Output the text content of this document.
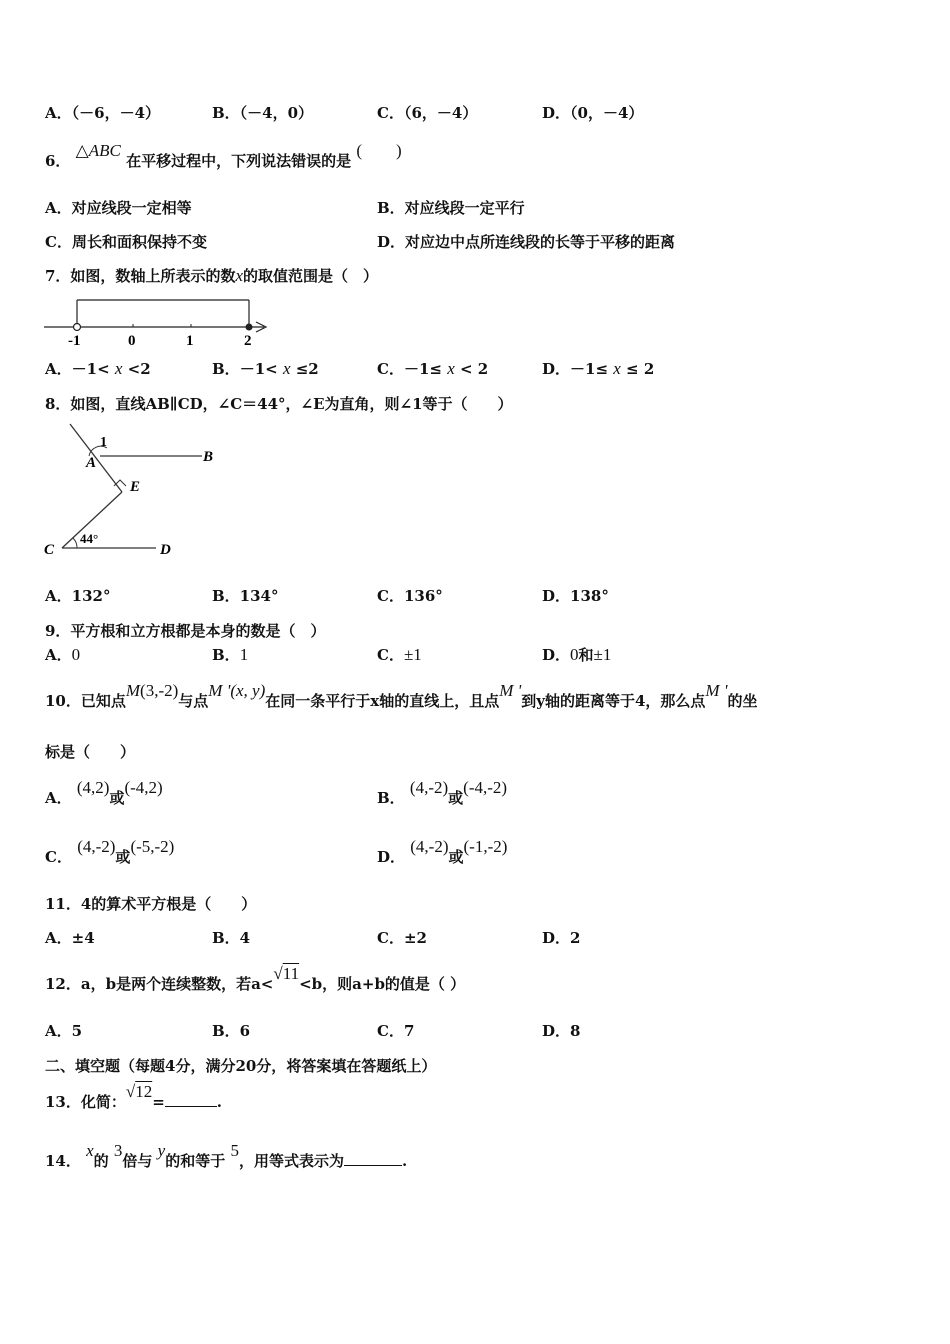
A．（－6，－4）	B．（－4，0）	C．（6，－4）	D．（0，－4）
6． △ABC 在平移过程中，下列说法错误的是 (　　)
A．对应线段一定相等	B．对应线段一定平行
C．周长和面积保持不变	D．对应边中点所连线段的长等于平移的距离
7．如图，数轴上所表示的数x的取值范围是（　）
-1	0	1	2
A．－1< x <2	B．－1< x ≤2	C．－1≤ x < 2	D．－1≤ x ≤ 2
8．如图，直线AB∥CD，∠C＝44°，∠E为直角，则∠1等于（　　）
1
A	B
E
C	D
44°
A．132°	B．134°	C．136°	D．138°
9．平方根和立方根都是本身的数是（　）
A．0	B．1	C．±1	D．0和±1
10．已知点M(3,-2)与点M '(x, y)在同一条平行于x轴的直线上，且点M '到y轴的距离等于4，那么点M '的坐
标是（　　）
A． (4,2)或(-4,2)
B． (4,-2)或(-4,-2)
C． (4,-2)或(-5,-2)
D． (4,-2)或(-1,-2)
11．4的算术平方根是（　　）
A．±4	B．4	C．±2	D．2
12．a，b是两个连续整数，若a<√11<b，则a+b的值是（ ）
A．5	B．6	C．7	D．8
二、填空题（每题4分，满分20分，将答案填在答题纸上）
13．化简：√12=	.
14． x的 3倍与 y的和等于 5，用等式表示为	.
